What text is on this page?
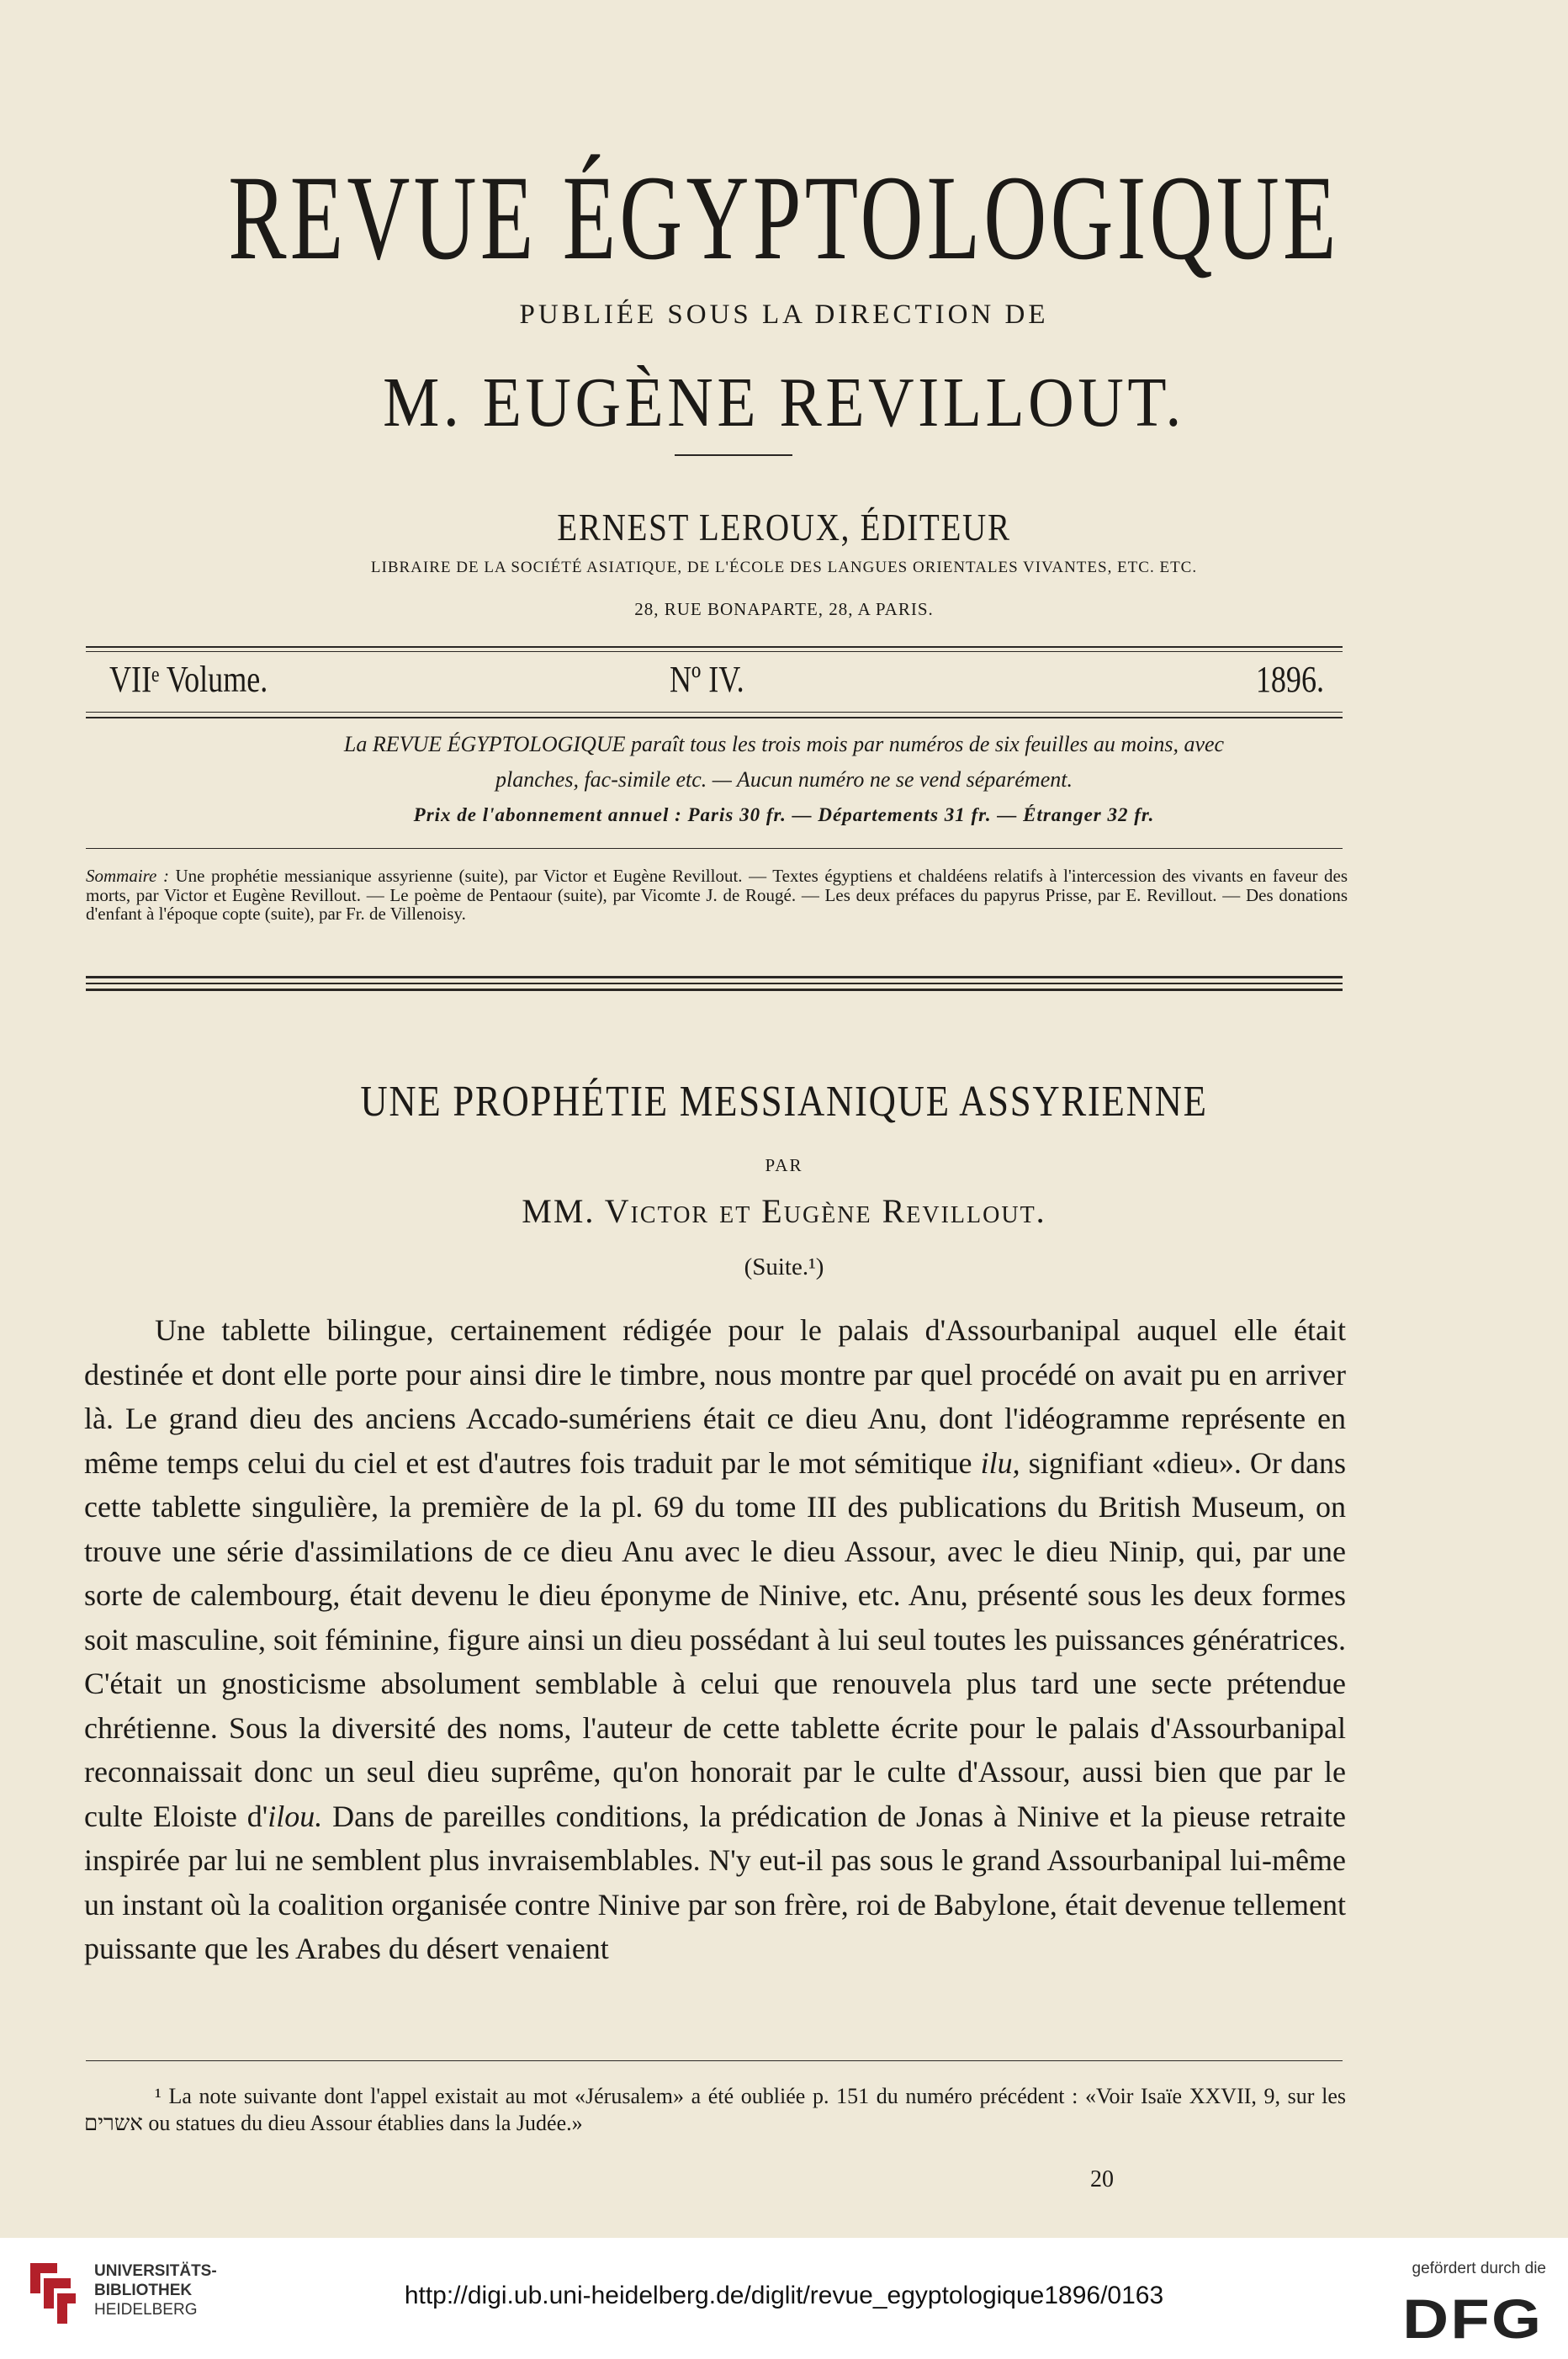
REVUE ÉGYPTOLOGIQUE
PUBLIÉE SOUS LA DIRECTION DE
M. EUGÈNE REVILLOUT.
ERNEST LEROUX, ÉDITEUR
LIBRAIRE DE LA SOCIÉTÉ ASIATIQUE, DE L'ÉCOLE DES LANGUES ORIENTALES VIVANTES, ETC. ETC.
28, RUE BONAPARTE, 28, A PARIS.
VIIᵉ Volume.	Nº IV.	1896.
La REVUE ÉGYPTOLOGIQUE paraît tous les trois mois par numéros de six feuilles au moins, avec
planches, fac-simile etc. — Aucun numéro ne se vend séparément.
Prix de l'abonnement annuel : Paris 30 fr. — Départements 31 fr. — Étranger 32 fr.
Sommaire : Une prophétie messianique assyrienne (suite), par Victor et Eugène Revillout. — Textes égyptiens et chaldéens relatifs à l'intercession des vivants en faveur des morts, par Victor et Eugène Revillout. — Le poème de Pentaour (suite), par Vicomte J. de Rougé. — Les deux préfaces du papyrus Prisse, par E. Revillout. — Des donations d'enfant à l'époque copte (suite), par Fr. de Villenoisy.
UNE PROPHÉTIE MESSIANIQUE ASSYRIENNE
PAR
MM. Victor et Eugène Revillout.
(Suite.¹)

Une tablette bilingue, certainement rédigée pour le palais d'Assourbanipal auquel elle était destinée et dont elle porte pour ainsi dire le timbre, nous montre par quel procédé on avait pu en arriver là. Le grand dieu des anciens Accado-sumériens était ce dieu Anu, dont l'idéogramme représente en même temps celui du ciel et est d'autres fois traduit par le mot sémitique ilu, signifiant «dieu». Or dans cette tablette singulière, la première de la pl. 69 du tome III des publications du British Museum, on trouve une série d'assimilations de ce dieu Anu avec le dieu Assour, avec le dieu Ninip, qui, par une sorte de calembourg, était devenu le dieu éponyme de Ninive, etc. Anu, présenté sous les deux formes soit masculine, soit féminine, figure ainsi un dieu possédant à lui seul toutes les puissances génératrices. C'était un gnosticisme absolument semblable à celui que renouvela plus tard une secte prétendue chrétienne. Sous la diversité des noms, l'auteur de cette tablette écrite pour le palais d'Assourbanipal reconnaissait donc un seul dieu suprême, qu'on honorait par le culte d'Assour, aussi bien que par le culte Eloiste d'ilou. Dans de pareilles conditions, la prédication de Jonas à Ninive et la pieuse retraite inspirée par lui ne semblent plus invraisemblables. N'y eut-il pas sous le grand Assourbanipal lui-même un instant où la coalition organisée contre Ninive par son frère, roi de Babylone, était devenue tellement puissante que les Arabes du désert venaient

¹ La note suivante dont l'appel existait au mot «Jérusalem» a été oubliée p. 151 du numéro précédent : «Voir Isaïe XXVII, 9, sur les אשרים ou statues du dieu Assour établies dans la Judée.»

20
UNIVERSITÄTS-
BIBLIOTHEK
HEIDELBERG
http://digi.ub.uni-heidelberg.de/diglit/revue_egyptologique1896/0163
gefördert durch die
DFG
